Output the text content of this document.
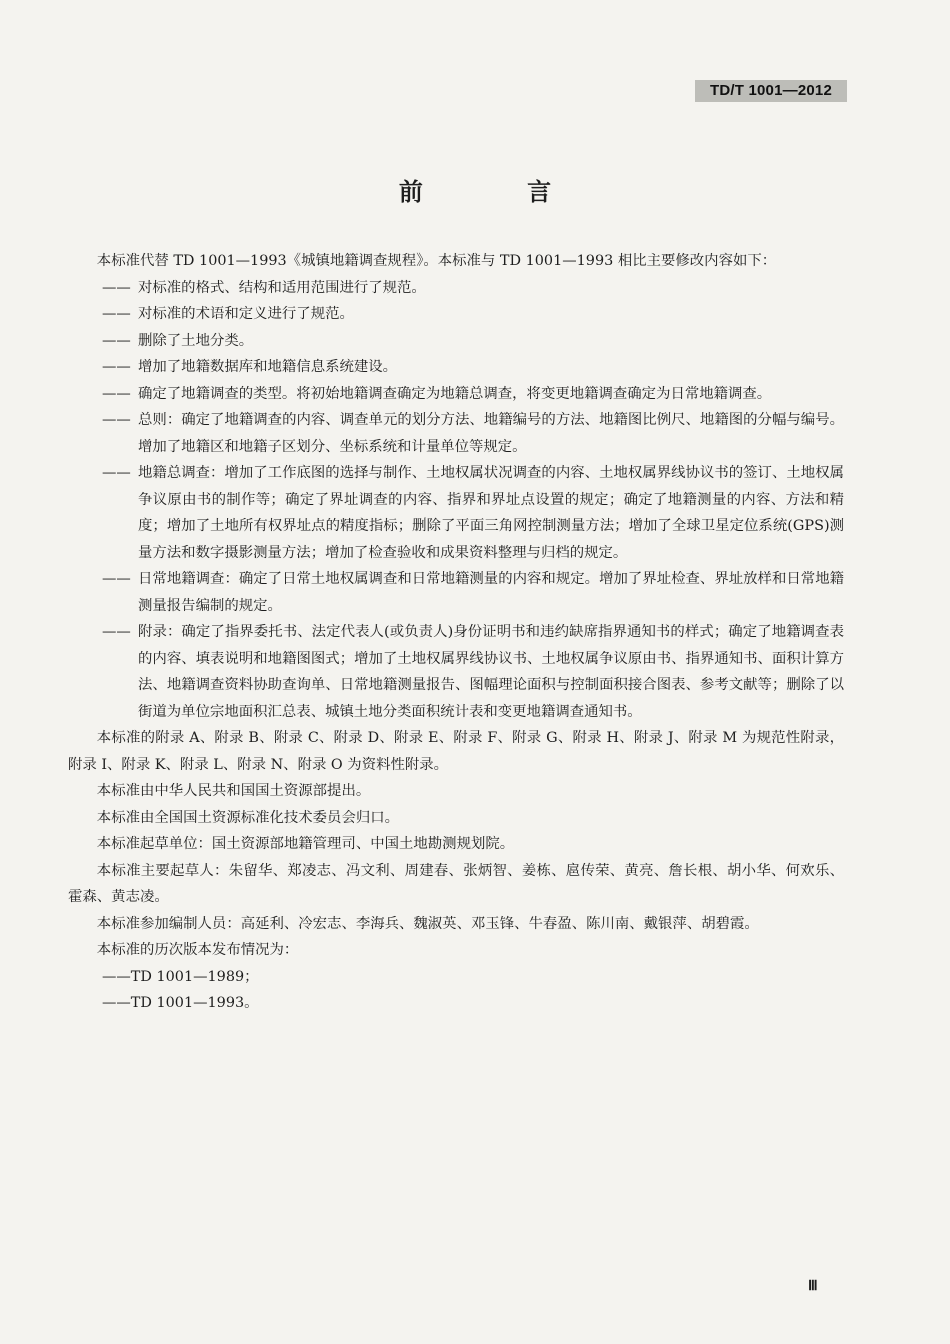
TD/T 1001—2012
前 言

本标准代替 TD 1001—1993《城镇地籍调查规程》。本标准与 TD 1001—1993 相比主要修改内容如下：

—— 对标准的格式、结构和适用范围进行了规范。

—— 对标准的术语和定义进行了规范。

—— 删除了土地分类。

—— 增加了地籍数据库和地籍信息系统建设。

—— 确定了地籍调查的类型。将初始地籍调查确定为地籍总调查，将变更地籍调查确定为日常地籍调查。

—— 总则：确定了地籍调查的内容、调查单元的划分方法、地籍编号的方法、地籍图比例尺、地籍图的分幅与编号。增加了地籍区和地籍子区划分、坐标系统和计量单位等规定。

—— 地籍总调查：增加了工作底图的选择与制作、土地权属状况调查的内容、土地权属界线协议书的签订、土地权属争议原由书的制作等；确定了界址调查的内容、指界和界址点设置的规定；确定了地籍测量的内容、方法和精度；增加了土地所有权界址点的精度指标；删除了平面三角网控制测量方法；增加了全球卫星定位系统(GPS)测量方法和数字摄影测量方法；增加了检查验收和成果资料整理与归档的规定。

—— 日常地籍调查：确定了日常土地权属调查和日常地籍测量的内容和规定。增加了界址检查、界址放样和日常地籍测量报告编制的规定。

—— 附录：确定了指界委托书、法定代表人(或负责人)身份证明书和违约缺席指界通知书的样式；确定了地籍调查表的内容、填表说明和地籍图图式；增加了土地权属界线协议书、土地权属争议原由书、指界通知书、面积计算方法、地籍调查资料协助查询单、日常地籍测量报告、图幅理论面积与控制面积接合图表、参考文献等；删除了以街道为单位宗地面积汇总表、城镇土地分类面积统计表和变更地籍调查通知书。

本标准的附录 A、附录 B、附录 C、附录 D、附录 E、附录 F、附录 G、附录 H、附录 J、附录 M 为规范性附录，附录 I、附录 K、附录 L、附录 N、附录 O 为资料性附录。

本标准由中华人民共和国国土资源部提出。

本标准由全国国土资源标准化技术委员会归口。

本标准起草单位：国土资源部地籍管理司、中国土地勘测规划院。

本标准主要起草人：朱留华、郑凌志、冯文利、周建春、张炳智、姜栋、扈传荣、黄亮、詹长根、胡小华、何欢乐、霍森、黄志凌。

本标准参加编制人员：高延利、冷宏志、李海兵、魏淑英、邓玉锋、牛春盈、陈川南、戴银萍、胡碧霞。

本标准的历次版本发布情况为：

——TD 1001—1989；

——TD 1001—1993。

Ⅲ
